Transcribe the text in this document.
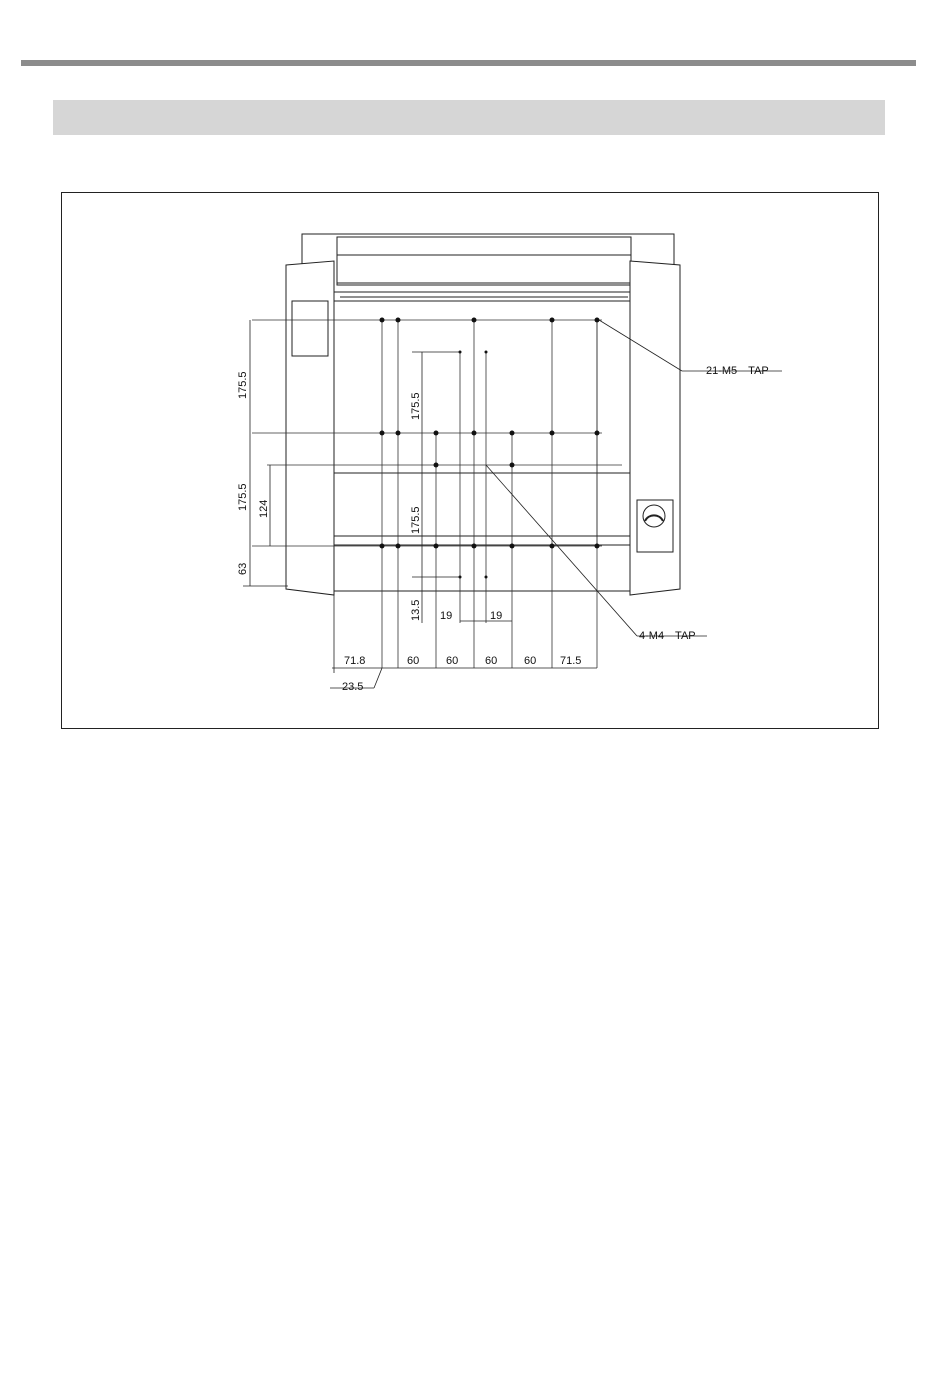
21-M5　TAP
4-M4　TAP
175.5
175.5 124
63
175.5
175.5
13.5 19	19
71.8	60 60 60 60 71.5
23.5
